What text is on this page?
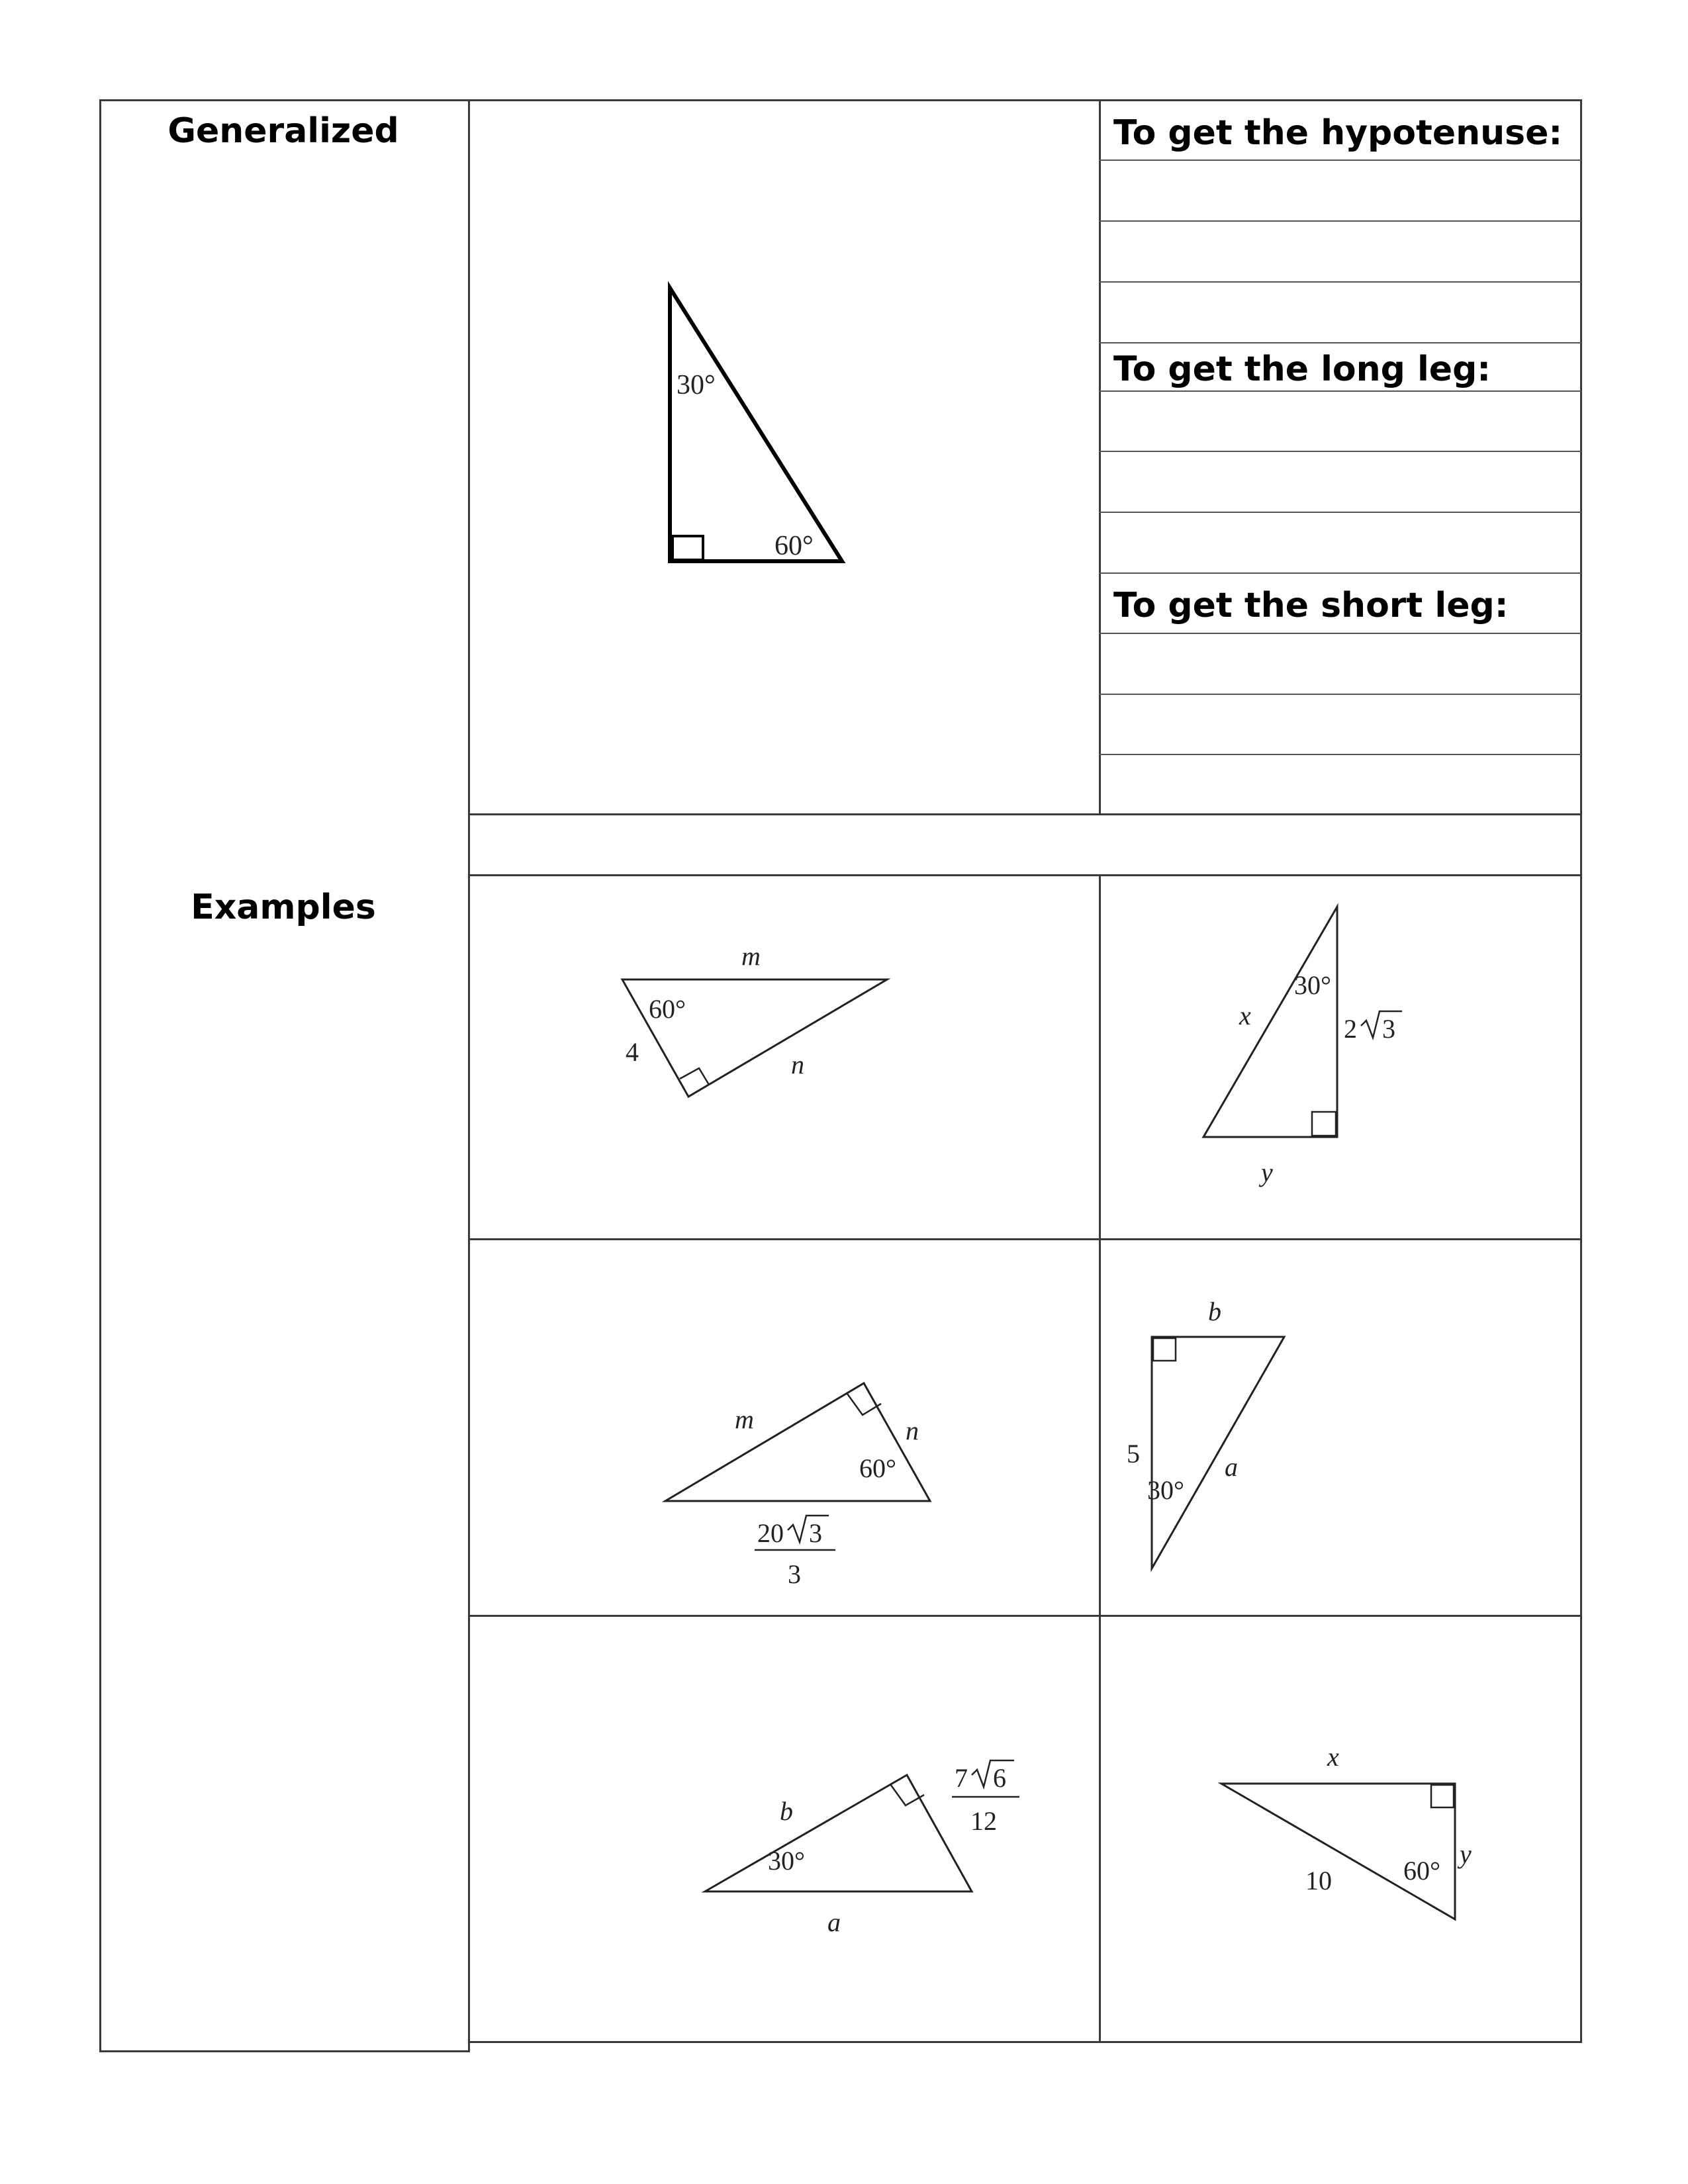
Generalized
Examples
To get the hypotenuse:
To get the long leg:
To get the short leg:
30°
60°
m
60°
4	n
30°
x	2 3
y
m	n
60°
20 3
3
b
5
30°
a
b
30°
a
7 6
12
x
10	60°
y
